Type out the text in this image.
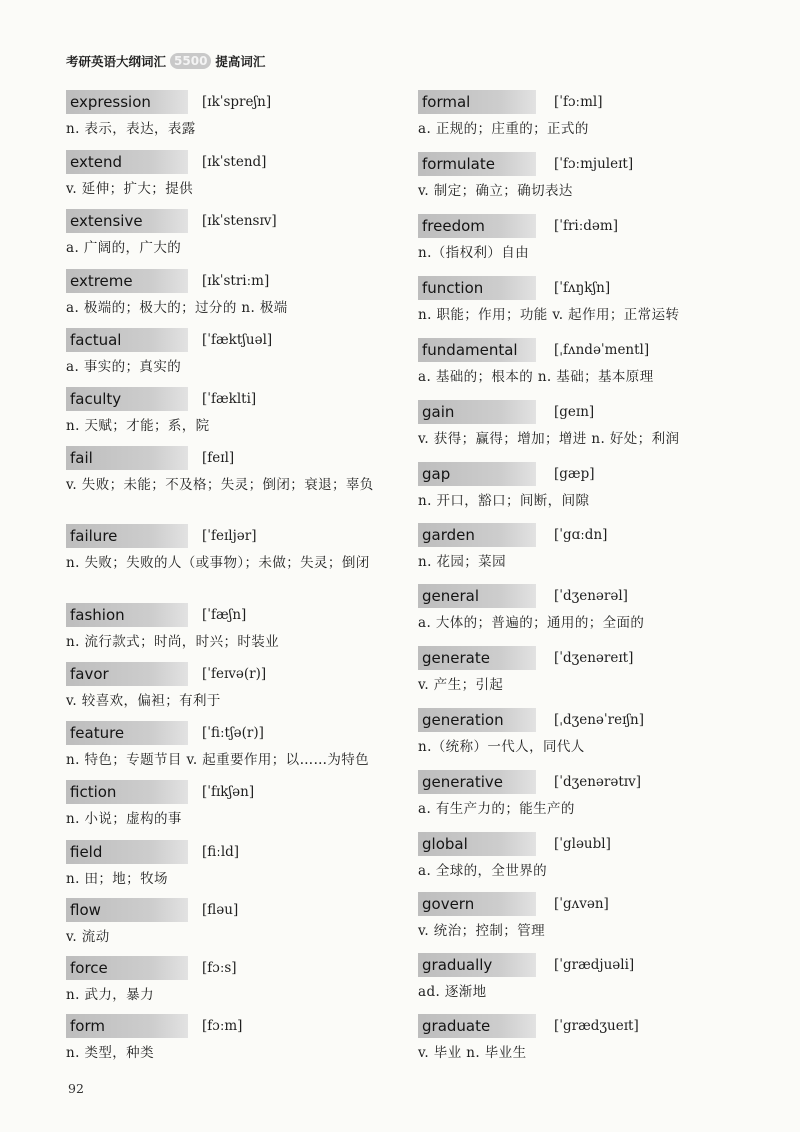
考研英语大纲词汇 5500 提高词汇
expression	[ɪkˈspreʃn]
n. 表示，表达，表露
extend	[ɪkˈstend]
v. 延伸；扩大；提供
extensive	[ɪkˈstensɪv]
a. 广阔的，广大的
extreme	[ɪkˈstriːm]
a. 极端的；极大的；过分的 n. 极端
factual	[ˈfæktʃuəl]
a. 事实的；真实的
faculty	[ˈfæklti]
n. 天赋；才能；系，院
fail	[feɪl]
v. 失败；未能；不及格；失灵；倒闭；衰退；辜负
failure	[ˈfeɪljər]
n. 失败；失败的人（或事物）；未做；失灵；倒闭
fashion	[ˈfæʃn]
n. 流行款式；时尚，时兴；时装业
favor	[ˈfeɪvə(r)]
v. 较喜欢，偏袒；有利于
feature	[ˈfiːtʃə(r)]
n. 特色；专题节目 v. 起重要作用；以……为特色
fiction	[ˈfɪkʃən]
n. 小说；虚构的事
field	[fiːld]
n. 田；地；牧场
flow	[fləu]
v. 流动
force	[fɔːs]
n. 武力，暴力
form	[fɔːm]
n. 类型，种类
formal	[ˈfɔːml]
a. 正规的；庄重的；正式的
formulate	[ˈfɔːmjuleɪt]
v. 制定；确立；确切表达
freedom	[ˈfriːdəm]
n.（指权利）自由
function	[ˈfʌŋkʃn]
n. 职能；作用；功能 v. 起作用；正常运转
fundamental	[ˌfʌndəˈmentl]
a. 基础的；根本的 n. 基础；基本原理
gain	[geɪn]
v. 获得；赢得；增加；增进 n. 好处；利润
gap	[gæp]
n. 开口，豁口；间断，间隙
garden	[ˈgɑːdn]
n. 花园；菜园
general	[ˈdʒenərəl]
a. 大体的；普遍的；通用的；全面的
generate	[ˈdʒenəreɪt]
v. 产生；引起
generation	[ˌdʒenəˈreɪʃn]
n.（统称）一代人，同代人
generative	[ˈdʒenərətɪv]
a. 有生产力的；能生产的
global	[ˈgləubl]
a. 全球的，全世界的
govern	[ˈgʌvən]
v. 统治；控制；管理
gradually	[ˈgrædjuəli]
ad. 逐渐地
graduate	[ˈgrædʒueɪt]
v. 毕业 n. 毕业生
92
